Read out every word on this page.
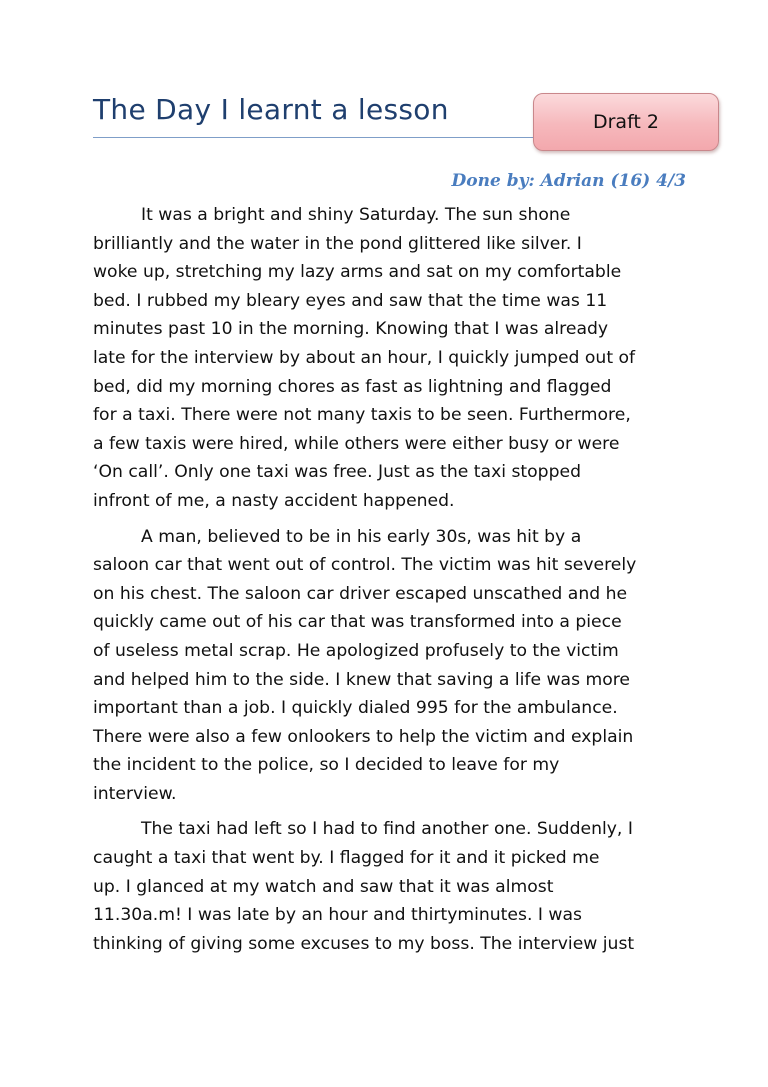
The Day I learnt a lesson	Draft 2

Done by: Adrian (16) 4/3

It was a bright and shiny Saturday. The sun shone
brilliantly and the water in the pond glittered like silver. I
woke up, stretching my lazy arms and sat on my comfortable
bed. I rubbed my bleary eyes and saw that the time was 11
minutes past 10 in the morning. Knowing that I was already
late for the interview by about an hour, I quickly jumped out of
bed, did my morning chores as fast as lightning and flagged
for a taxi. There were not many taxis to be seen. Furthermore,
a few taxis were hired, while others were either busy or were
‘On call’. Only one taxi was free. Just as the taxi stopped
infront of me, a nasty accident happened.

A man, believed to be in his early 30s, was hit by a
saloon car that went out of control. The victim was hit severely
on his chest. The saloon car driver escaped unscathed and he
quickly came out of his car that was transformed into a piece
of useless metal scrap. He apologized profusely to the victim
and helped him to the side. I knew that saving a life was more
important than a job. I quickly dialed 995 for the ambulance.
There were also a few onlookers to help the victim and explain
the incident to the police, so I decided to leave for my
interview.

The taxi had left so I had to find another one. Suddenly, I
caught a taxi that went by. I flagged for it and it picked me
up. I glanced at my watch and saw that it was almost
11.30a.m! I was late by an hour and thirtyminutes. I was
thinking of giving some excuses to my boss. The interview just
